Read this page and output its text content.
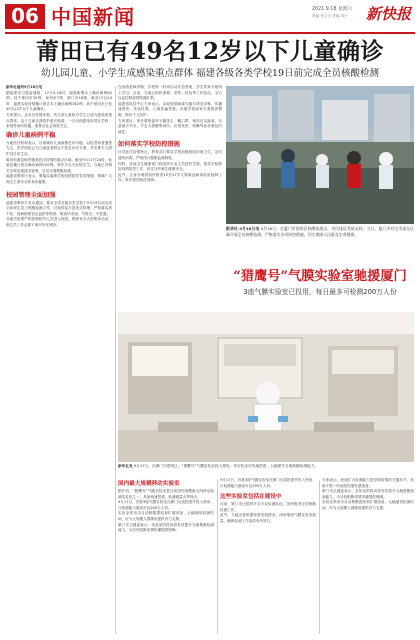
06 中国新闻	2021.9.18 星期六
责编 张文字 美编 刘小 新快报
莆田已有49名12岁以下儿童确诊
幼儿园儿童、小学生成感染重点群体 福建各级各类学校19日前完成全员核酸检测

新华社福州9月18日电

据福建省卫健委通报，17日0-24时，福建新增本土确诊病例60例，其中莆田市35例、泉州市7例、厦门市18例。截至17日24时，福建本轮疫情累计报告本土确诊病例162例，其中莆田市已有49名12岁以下儿童确诊。

专家提示，从本次疫情来看，幼儿园儿童和小学生已成为感染的重点群体。由于儿童自我防护意识较弱，一旦出现感染容易在学校、家庭等场所传播，需要全社会高度关注。

确诊儿童病例平稳

当地医疗机构表示，目前确诊儿童病情总体平稳，以轻型和普通型为主，医疗团队已为儿童患者制定个性化诊疗方案，并安排专人照护其日常生活。

莆田仙游县枫亭镇是此次疫情的重点区域。截至9月17日24时，仙游县累计报告确诊病例120例，其中多名为在校学生。当地已对相关学校实施封闭管理，全员开展核酸检测。

福建省教育厅表示，要落实落细学校疫情防控各项措施，保障广大师生生命安全和身体健康。

校园管理全面加强

福建省教育厅发出通知，要求全省各级各类学校于9月19日前完成全体师生员工核酸检测工作，对校园实行封闭式管理，严格落实晨午检、因病缺课登记追踪等制度，做到早发现、早报告、早处置。

各地学校要严格控制校外人员进入校园，暂停举办大型集体活动，师生员工非必要不离开所在城市。

在仙游县枫亭镇，学校第一时间启动应急预案，学生居家开展线上学习。目前，当地已组织流调、采样、转运等工作队伍，全力以赴控制疫情传播扩散。

福建省疾控中心专家表示，本轮疫情病毒为德尔塔变异株，传播速度快、传染性强，儿童普遍易感，各地学校和家长要提高警惕，做好个人防护。

专家建议，家长要督促孩子勤洗手、戴口罩、保持社交距离，尽量减少外出，不去人群聚集场所，出现发热、咳嗽等症状要及时就医。

如何落实学校防控措施

针对此次疫情特点，教育部门要求学校加强校园环境卫生，定时通风消毒，严格执行健康监测制度。

同时，各地卫生健康部门将组织专业人员进驻学校，指导学校做好疫情防控工作，切实守护师生健康安全。

此外，全省各地将加快推进12至17岁人群新冠病毒疫苗接种工作，筑牢校园免疫屏障。

新华社 9月18日电 9月18日，在厦门市思明区核酸检测点，市民排队等候采样。当日，厦门市对全市部分区域开展全员核酸检测，严格落实各项防控措施，切实保障人民群众生命健康。

“猎鹰号”气膜实验室驰援厦门
3座气膜实验室已投用，每日最多可检测200万人份

新华社发 9月17日，在厦门市思明区，“猎鹰号”气膜实验室投入使用。该实验室可快速搭建，大幅提升当地核酸检测能力。

国内最大规模移动实验室

据介绍，“猎鹰号”气膜实验室是目前国内规模最大的移动检测实验室之一，具备快速搭建、检测通量大等特点。

9月17日，首批3座气膜实验室在厦门完成搭建并投入使用，日检测能力最高可达200万人份。

实验室采用全自动核酸提取和扩增设备，大幅缩短检测时间，可为大规模人群筛查提供有力支撑。

厦门市卫健委表示，实验室的投用将有效提升当地核酸检测能力，为尽快阻断疫情传播提供保障。

9月17日，首批3座气膜实验室在厦门完成搭建并投入使用，日检测能力最高可达200万人份。

这些实验室包括在建设中

目前，厦门市已组织多支专业检测队伍，加快推进全员核酸检测工作。

此外，当地还将根据疫情发展情况，适时增加气膜实验室数量，确保检测工作高效有序进行。

专家表示，快速扩大检测能力是控制疫情的关键环节，有助于第一时间发现潜在感染者。

厦门市卫健委表示，实验室的投用将有效提升当地核酸检测能力，为尽快阻断疫情传播提供保障。

实验室采用全自动核酸提取和扩增设备，大幅缩短检测时间，可为大规模人群筛查提供有力支撑。
